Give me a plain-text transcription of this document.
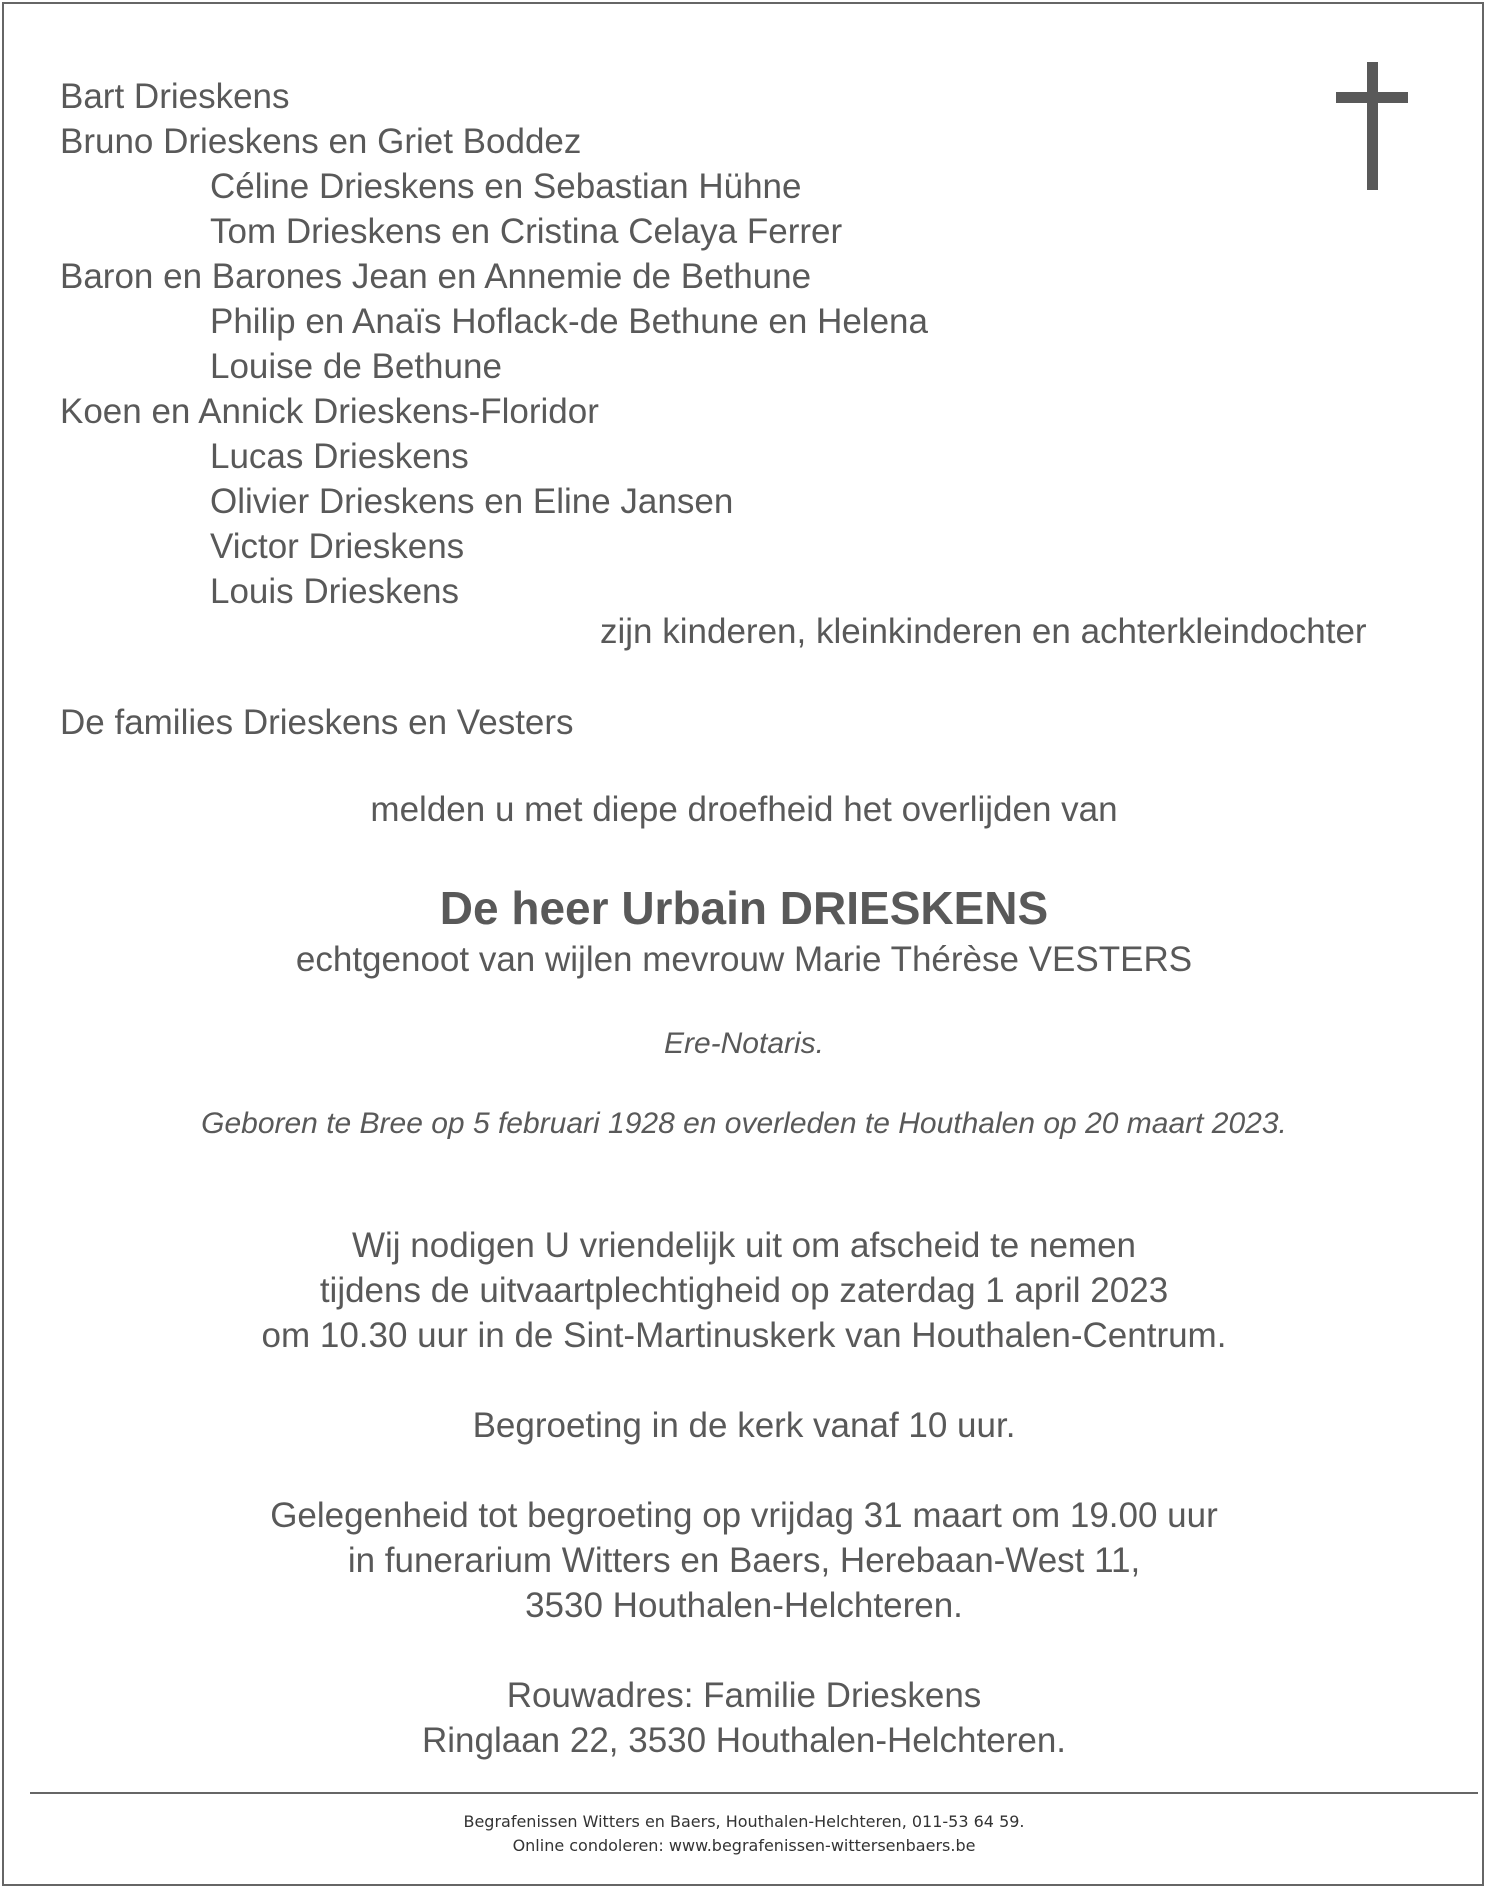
Bart Drieskens
Bruno Drieskens en Griet Boddez
Céline Drieskens en Sebastian Hühne
Tom Drieskens en Cristina Celaya Ferrer
Baron en Barones Jean en Annemie de Bethune
Philip en Anaïs Hoflack-de Bethune en Helena
Louise de Bethune
Koen en Annick Drieskens-Floridor
Lucas Drieskens
Olivier Drieskens en Eline Jansen
Victor Drieskens
Louis Drieskens
zijn kinderen, kleinkinderen en achterkleindochter
De families Drieskens en Vesters
melden u met diepe droefheid het overlijden van
De heer Urbain DRIESKENS
echtgenoot van wijlen mevrouw Marie Thérèse VESTERS
Ere-Notaris.
Geboren te Bree op 5 februari 1928 en overleden te Houthalen op 20 maart 2023.
Wij nodigen U vriendelijk uit om afscheid te nemen
tijdens de uitvaartplechtigheid op zaterdag 1 april 2023
om 10.30 uur in de Sint-Martinuskerk van Houthalen-Centrum.
Begroeting in de kerk vanaf 10 uur.
Gelegenheid tot begroeting op vrijdag 31 maart om 19.00 uur
in funerarium Witters en Baers, Herebaan-West 11,
3530 Houthalen-Helchteren.
Rouwadres: Familie Drieskens
Ringlaan 22, 3530 Houthalen-Helchteren.
Begrafenissen Witters en Baers, Houthalen-Helchteren, 011-53 64 59.
Online condoleren: www.begrafenissen-wittersenbaers.be
